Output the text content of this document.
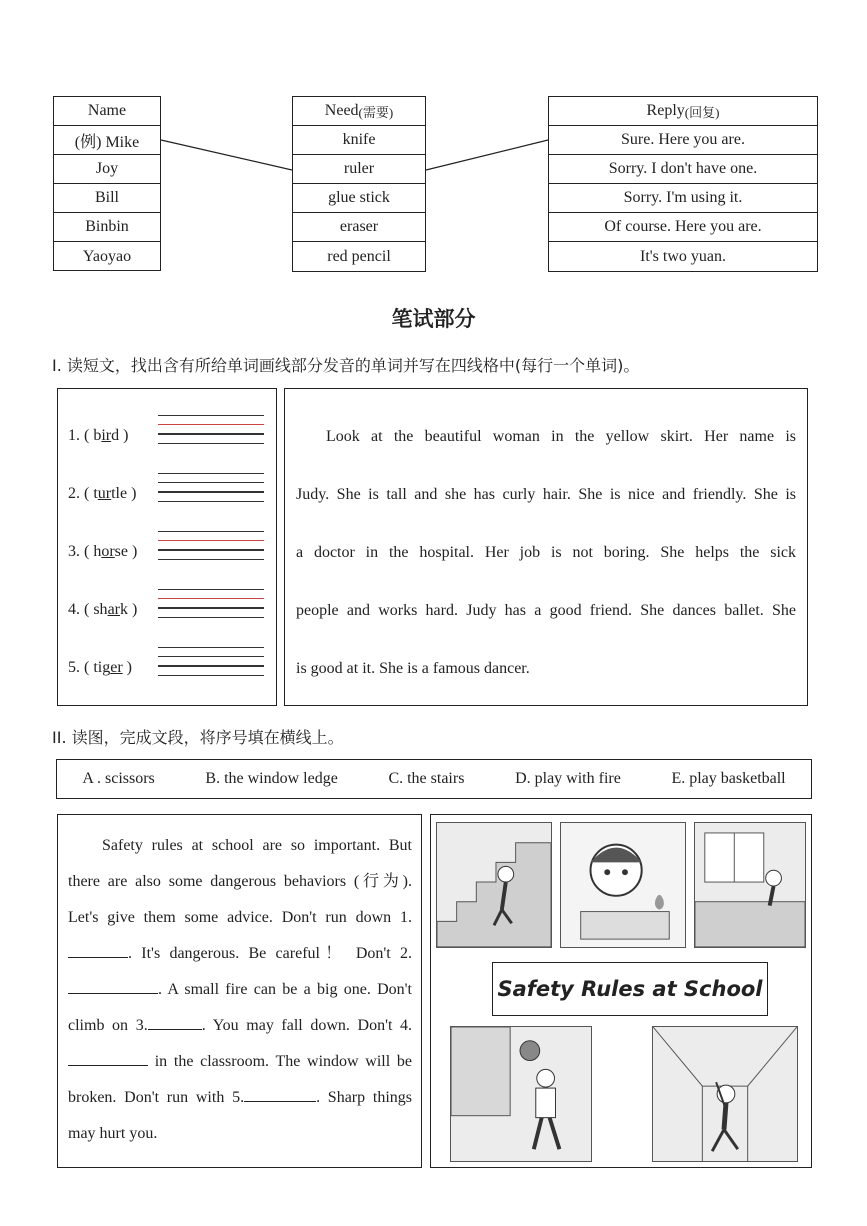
Name
(例) Mike
Joy
Bill
Binbin
Yaoyao
Need (需要)
knife
ruler
glue stick
eraser
red pencil
Reply (回复)
Sure. Here you are.
Sorry. I don't have one.
Sorry. I'm using it.
Of course. Here you are.
It's two yuan.
笔试部分
I. 读短文，找出含有所给单词画线部分发音的单词并写在四线格中(每行一个单词)。
1. ( bird )
2. ( turtle )
3. ( horse )
4. ( shark )
5. ( tiger )

Look at the beautiful woman in the yellow skirt. Her name is

Judy. She is tall and she has curly hair. She is nice and friendly. She is

a doctor in the hospital. Her job is not boring. She helps the sick

people and works hard. Judy has a good friend. She dances ballet. She

is good at it. She is a famous dancer.

II. 读图，完成文段，将序号填在横线上。
A . scissors	B. the window ledge	C. the stairs	D. play with fire	E. play basketball
Safety rules at school are so important. But there are also some dangerous behaviors (行为). Let's give them some advice. Don't run down 1.. It's dangerous. Be careful！ Don't 2.. A small fire can be a big one. Don't climb on 3.	. You may fall down. Don't 4. in the classroom. The window will be broken. Don't run with 5.	. Sharp things may hurt you.
Safety Rules at School
